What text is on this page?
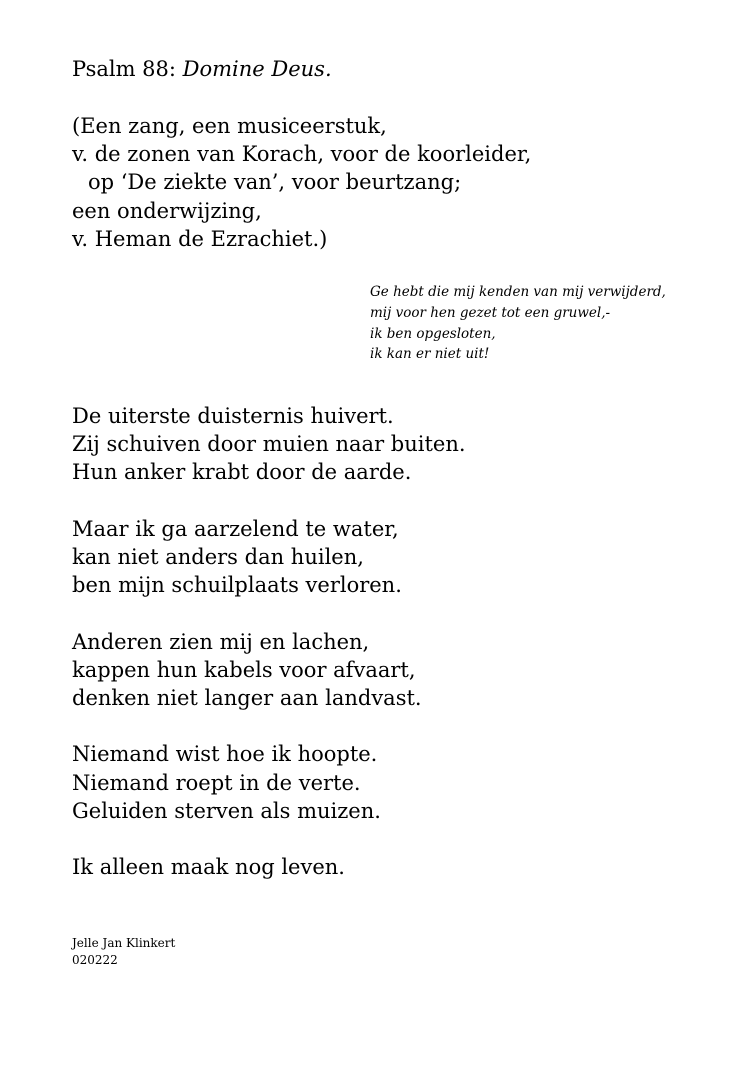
Psalm 88: Domine Deus.
(Een zang, een musiceerstuk,
v. de zonen van Korach, voor de koorleider,
op ‘De ziekte van’, voor beurtzang;
een onderwijzing,
v. Heman de Ezrachiet.)
Ge hebt die mij kenden van mij verwijderd,
mij voor hen gezet tot een gruwel,-
ik ben opgesloten,
ik kan er niet uit!
De uiterste duisternis huivert.
Zij schuiven door muien naar buiten.
Hun anker krabt door de aarde.
Maar ik ga aarzelend te water,
kan niet anders dan huilen,
ben mijn schuilplaats verloren.
Anderen zien mij en lachen,
kappen hun kabels voor afvaart,
denken niet langer aan landvast.
Niemand wist hoe ik hoopte.
Niemand roept in de verte.
Geluiden sterven als muizen.
Ik alleen maak nog leven.
Jelle Jan Klinkert
020222
